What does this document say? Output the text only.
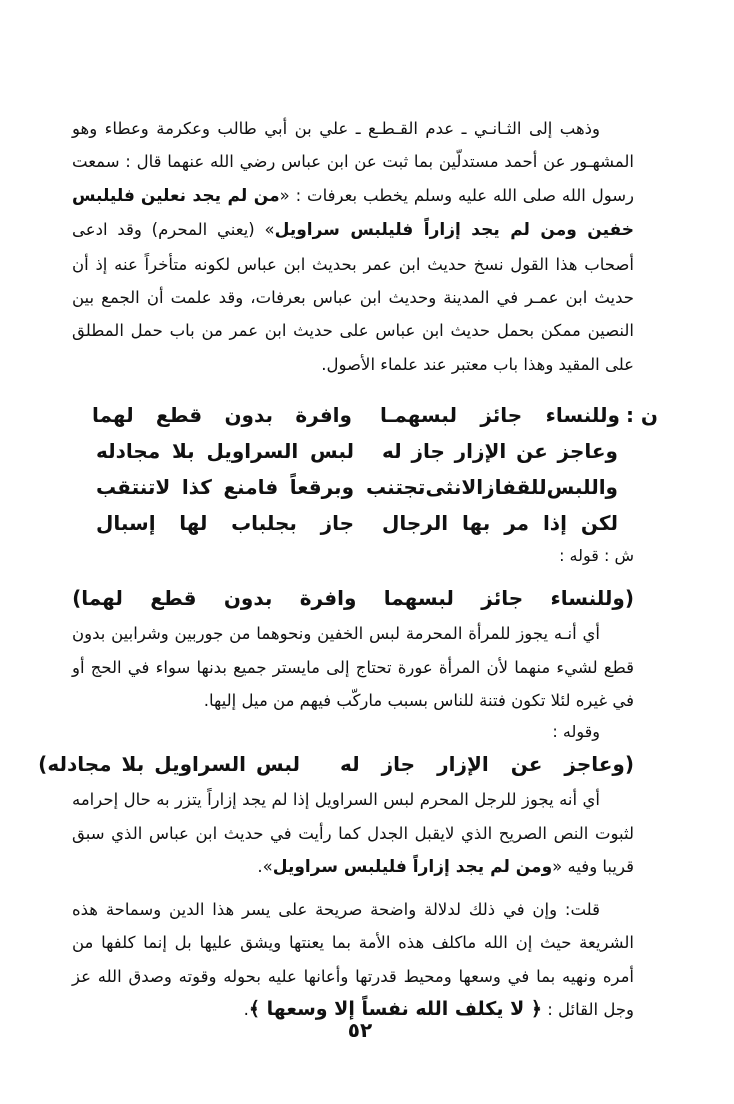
وذهب إلى الثـانـي ـ عدم القـطـع ـ علي بن أبي طالب وعكرمة وعطاء وهو المشهـور عن أحمد مستدلّين بما ثبت عن ابن عباس رضي الله عنهما قال : سمعت رسول الله صلى الله عليه وسلم يخطب بعرفات : «من لم يجد نعلين فليلبس خفين ومن لم يجد إزاراً فليلبس سراويل» (يعني المحرم) وقد ادعى أصحاب هذا القول نسخ حديث ابن عمر بحديث ابن عباس لكونه متأخراً عنه إذ أن حديث ابن عمـر في المدينة وحديث ابن عباس بعرفات، وقد علمت أن الجمع بين النصين ممكن بحمل حديث ابن عباس على حديث ابن عمر من باب حمل المطلق على المقيد وهذا باب معتبر عند علماء الأصول.
ن :
وللنساء
جائز
لبسهمـا
وافرة
بدون
قطع
لهما
وعاجز
عن
الإزار
جاز
له
لبس
السراويل
بلا
مجادله
واللبس
للقفاز
الانثى
تجتنب
وبرقعاً
فامنع
كذا
لاتنتقب
لكن
إذا
مر
بها
الرجال
جاز
بجلباب
لها
إسبال
ش : قوله :
(وللنساء
جائز
لبسهما
وافرة
بدون
قطع
لهما)
أي أنـه يجوز للمرأة المحرمة لبس الخفين ونحوهما من جوربين وشرابين بدون قطع لشيء منهما لأن المرأة عورة تحتاج إلى مايستر جميع بدنها سواء في الحج أو في غيره لئلا تكون فتنة للناس بسبب ماركّب فيهم من ميل إليها.
وقوله :
(وعاجز
عن
الإزار
جاز
له
لبس
السراويل
بلا
مجادله)
أي أنه يجوز للرجل المحرم لبس السراويل إذا لم يجد إزاراً يتزر به حال إحرامه لثبوت النص الصريح الذي لايقبل الجدل كما رأيت في حديث ابن عباس الذي سبق قريبا وفيه «ومن لم يجد إزاراً فليلبس سراويل».
قلت: وإن في ذلك لدلالة واضحة صريحة على يسر هذا الدين وسماحة هذه الشريعة حيث إن الله ماكلف هذه الأمة بما يعنتها ويشق عليها بل إنما كلفها من أمره ونهيه بما في وسعها ومحيط قدرتها وأعانها عليه بحوله وقوته وصدق الله عز وجل القائل : ﴿ لا يكلف الله نفساً إلا وسعها ﴾.
٥٢
